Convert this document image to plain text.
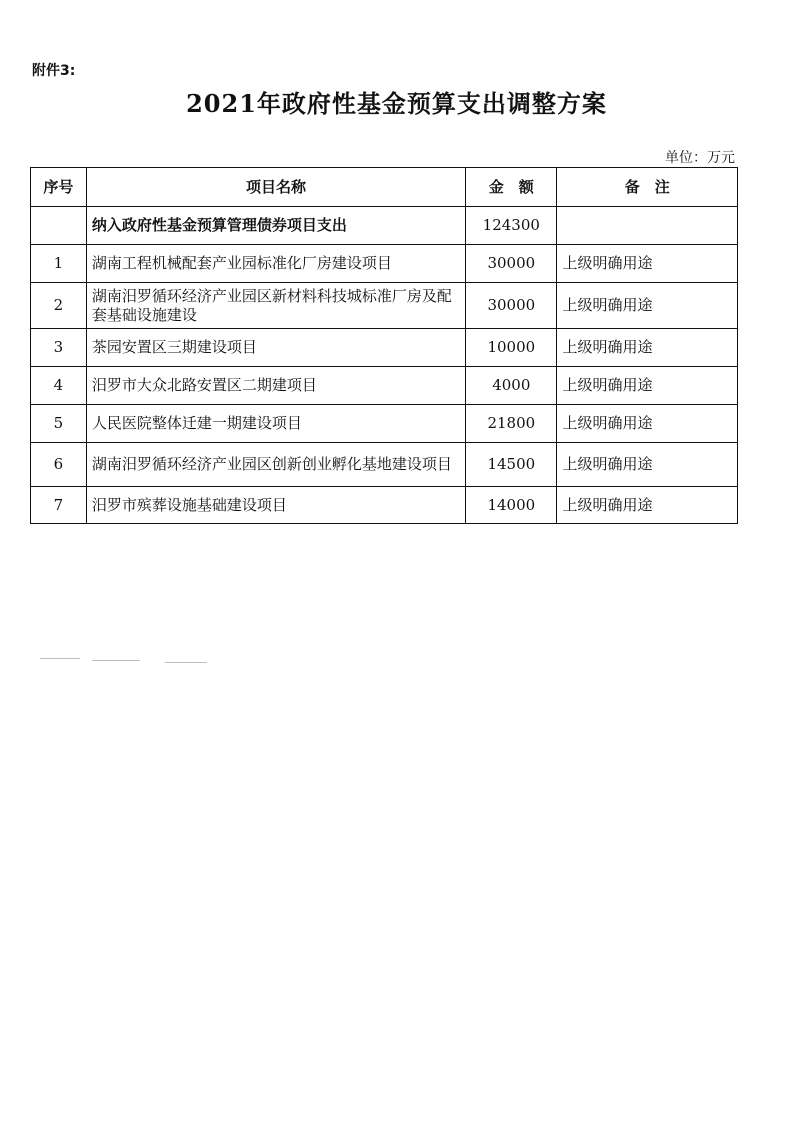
附件3:
2021年政府性基金预算支出调整方案
单位：万元
序号	项目名称	金　额	备　注
	纳入政府性基金预算管理债券项目支出	124300	
1	湖南工程机械配套产业园标准化厂房建设项目	30000	上级明确用途
2	湖南汨罗循环经济产业园区新材料科技城标准厂房及配套基础设施建设	30000	上级明确用途
3	茶园安置区三期建设项目	10000	上级明确用途
4	汨罗市大众北路安置区二期建项目	4000	上级明确用途
5	人民医院整体迁建一期建设项目	21800	上级明确用途
6	湖南汨罗循环经济产业园区创新创业孵化基地建设项目	14500	上级明确用途
7	汨罗市殡葬设施基础建设项目	14000	上级明确用途
